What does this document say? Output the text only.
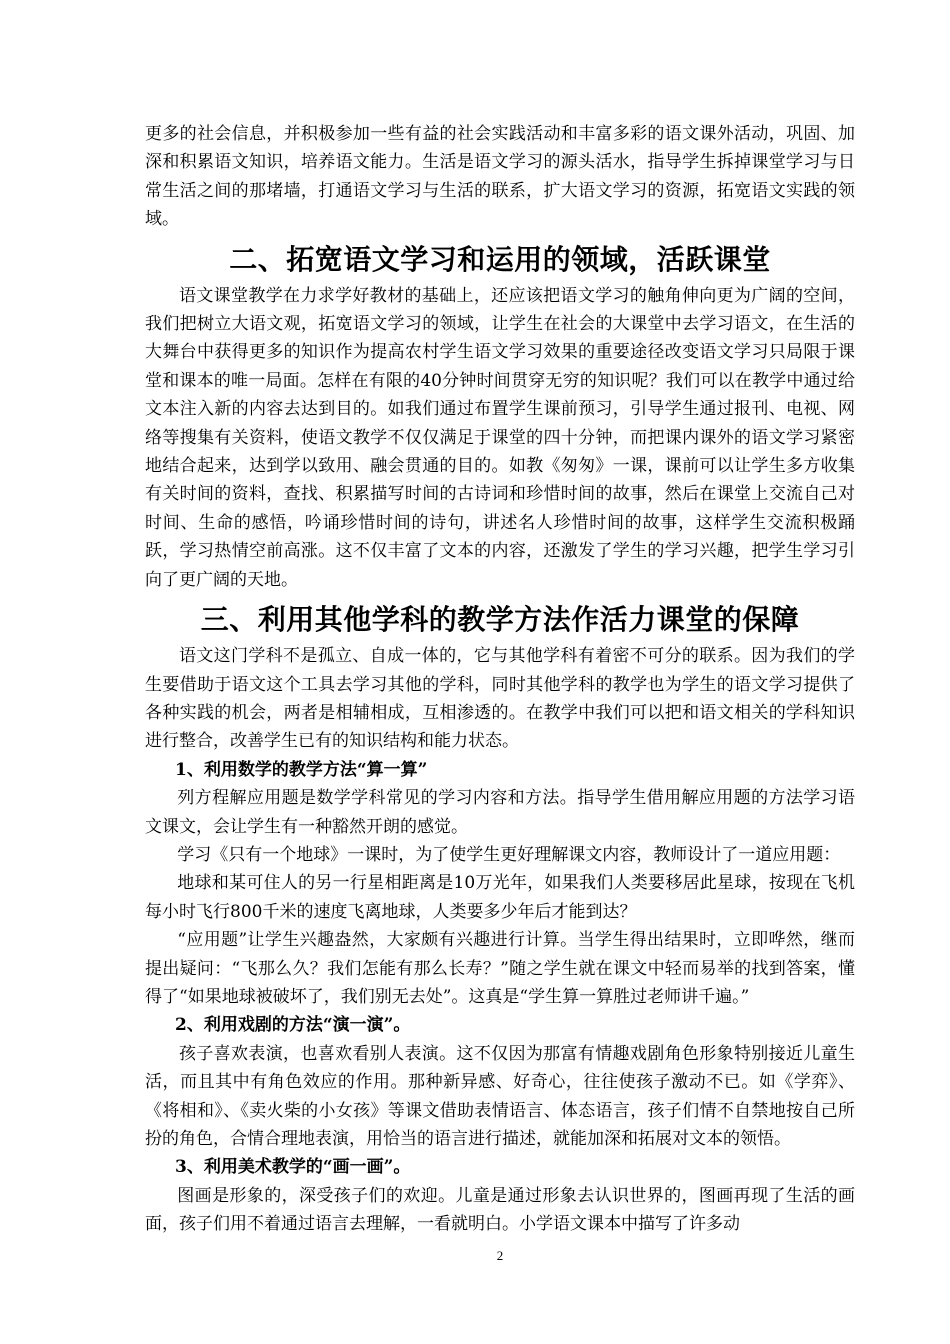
更多的社会信息，并积极参加一些有益的社会实践活动和丰富多彩的语文课外活动，巩固、加深和积累语文知识，培养语文能力。生活是语文学习的源头活水，指导学生拆掉课堂学习与日常生活之间的那堵墙，打通语文学习与生活的联系，扩大语文学习的资源，拓宽语文实践的领域。

二、拓宽语文学习和运用的领域，活跃课堂

语文课堂教学在力求学好教材的基础上，还应该把语文学习的触角伸向更为广阔的空间，我们把树立大语文观，拓宽语文学习的领域，让学生在社会的大课堂中去学习语文，在生活的大舞台中获得更多的知识作为提高农村学生语文学习效果的重要途径改变语文学习只局限于课堂和课本的唯一局面。怎样在有限的40分钟时间贯穿无穷的知识呢？我们可以在教学中通过给文本注入新的内容去达到目的。如我们通过布置学生课前预习，引导学生通过报刊、电视、网络等搜集有关资料，使语文教学不仅仅满足于课堂的四十分钟，而把课内课外的语文学习紧密地结合起来，达到学以致用、融会贯通的目的。如教《匆匆》一课，课前可以让学生多方收集有关时间的资料，查找、积累描写时间的古诗词和珍惜时间的故事，然后在课堂上交流自己对时间、生命的感悟，吟诵珍惜时间的诗句，讲述名人珍惜时间的故事，这样学生交流积极踊跃，学习热情空前高涨。这不仅丰富了文本的内容，还激发了学生的学习兴趣，把学生学习引向了更广阔的天地。

三、利用其他学科的教学方法作活力课堂的保障

语文这门学科不是孤立、自成一体的，它与其他学科有着密不可分的联系。因为我们的学生要借助于语文这个工具去学习其他的学科，同时其他学科的教学也为学生的语文学习提供了各种实践的机会，两者是相辅相成，互相渗透的。在教学中我们可以把和语文相关的学科知识进行整合，改善学生已有的知识结构和能力状态。

1、利用数学的教学方法“算一算”

列方程解应用题是数学学科常见的学习内容和方法。指导学生借用解应用题的方法学习语文课文，会让学生有一种豁然开朗的感觉。

学习《只有一个地球》一课时，为了使学生更好理解课文内容，教师设计了一道应用题：

地球和某可住人的另一行星相距离是10万光年，如果我们人类要移居此星球，按现在飞机每小时飞行800千米的速度飞离地球，人类要多少年后才能到达？

“应用题”让学生兴趣盎然，大家颇有兴趣进行计算。当学生得出结果时，立即哗然，继而提出疑问：“飞那么久？我们怎能有那么长寿？”随之学生就在课文中轻而易举的找到答案，懂得了“如果地球被破坏了，我们别无去处”。这真是“学生算一算胜过老师讲千遍。”

2、利用戏剧的方法“演一演”。

孩子喜欢表演，也喜欢看别人表演。这不仅因为那富有情趣戏剧角色形象特别接近儿童生活，而且其中有角色效应的作用。那种新异感、好奇心，往往使孩子激动不已。如《学弈》、《将相和》、《卖火柴的小女孩》等课文借助表情语言、体态语言，孩子们情不自禁地按自己所扮的角色，合情合理地表演，用恰当的语言进行描述，就能加深和拓展对文本的领悟。

3、利用美术教学的“画一画”。

图画是形象的，深受孩子们的欢迎。儿童是通过形象去认识世界的，图画再现了生活的画面，孩子们用不着通过语言去理解，一看就明白。小学语文课本中描写了许多动

2
